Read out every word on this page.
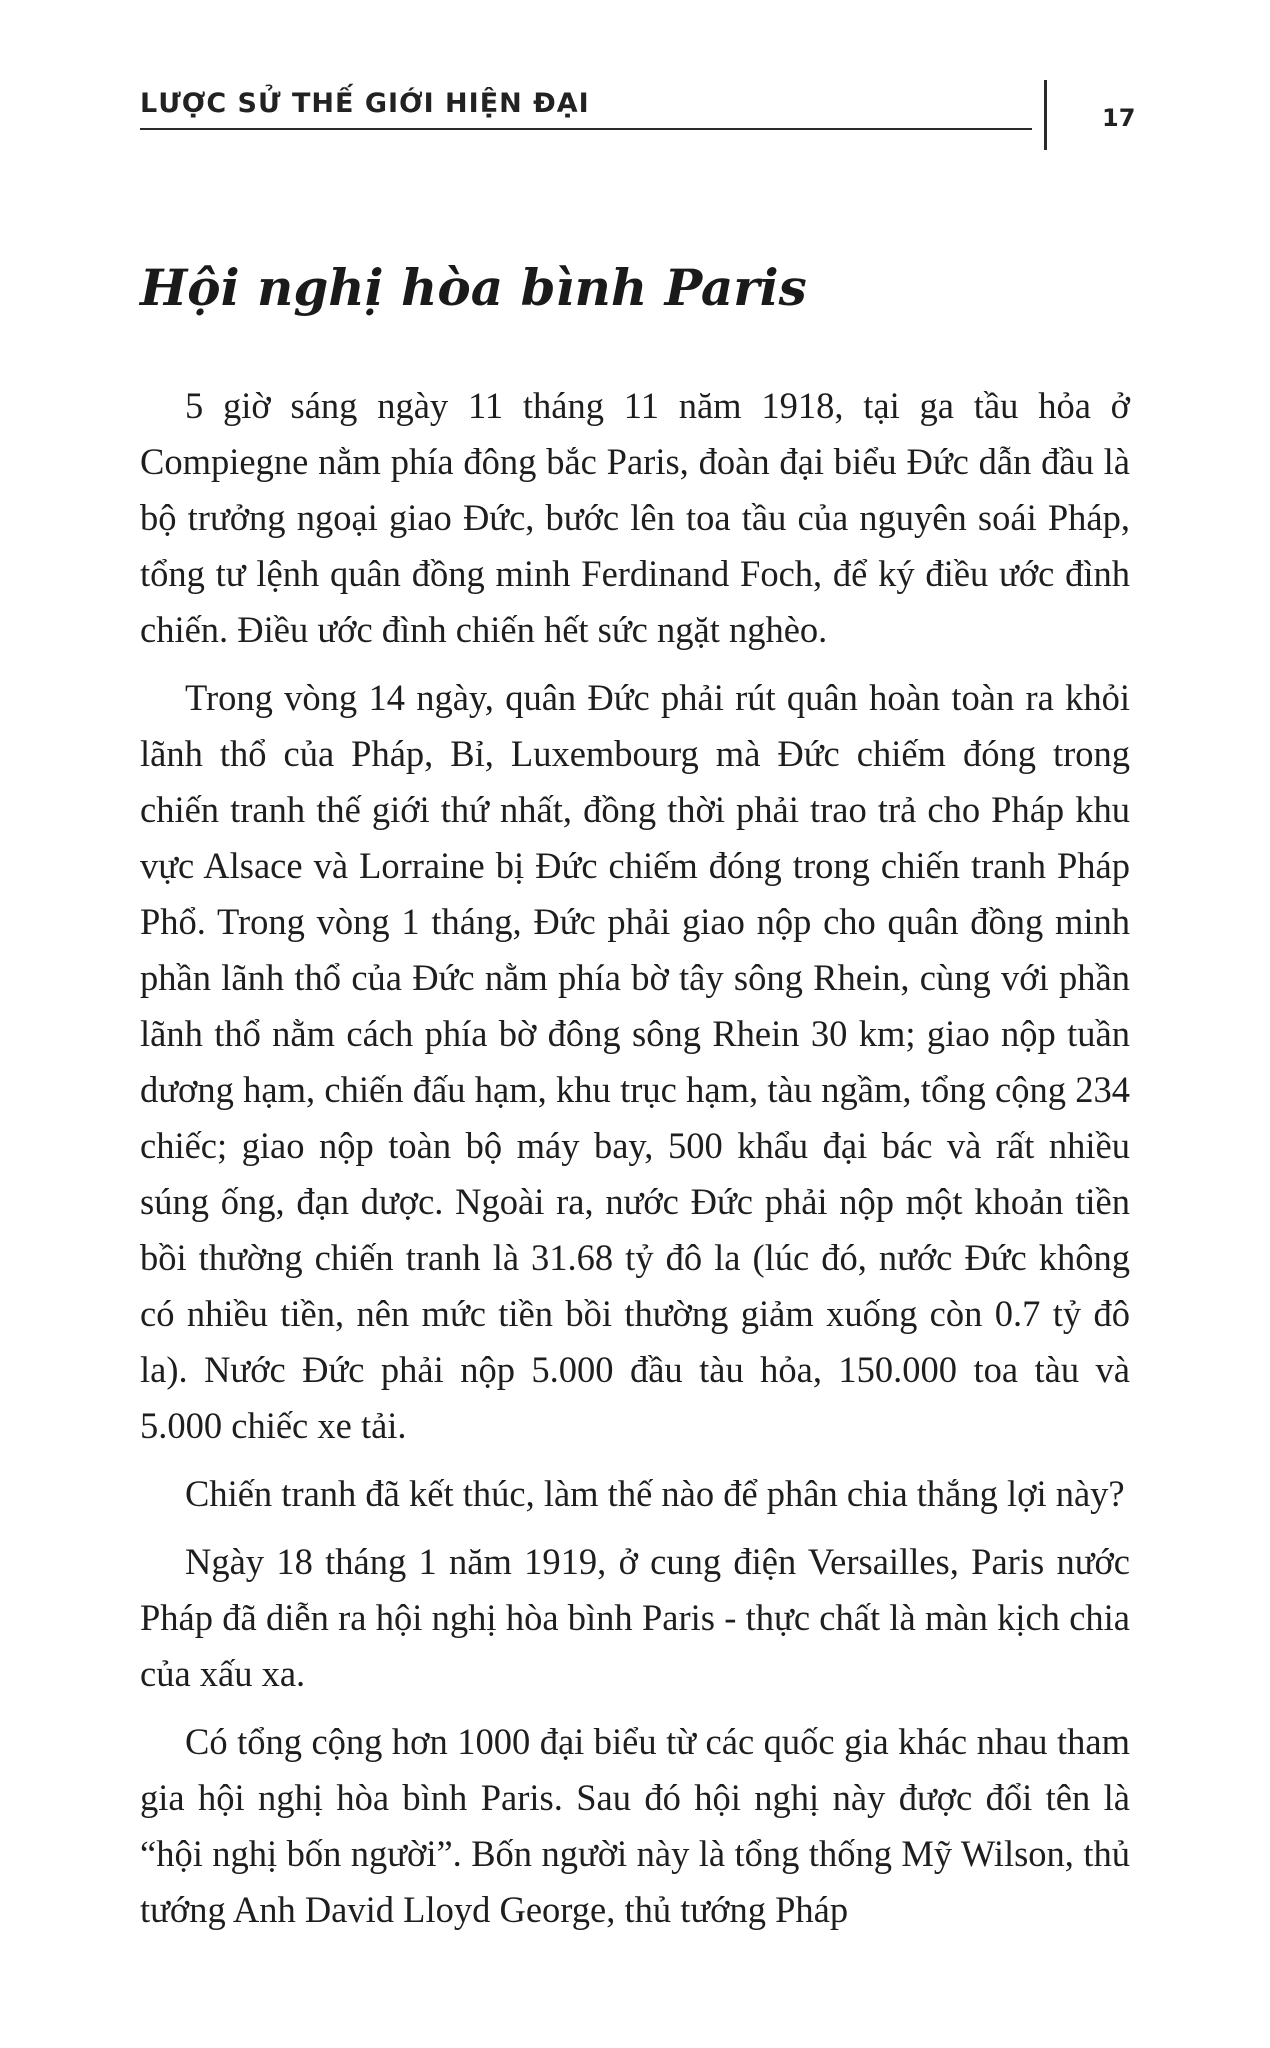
LƯỢC SỬ THẾ GIỚI HIỆN ĐẠI	17
Hội nghị hòa bình Paris

5 giờ sáng ngày 11 tháng 11 năm 1918, tại ga tầu hỏa ở Compiegne nằm phía đông bắc Paris, đoàn đại biểu Đức dẫn đầu là bộ trưởng ngoại giao Đức, bước lên toa tầu của nguyên soái Pháp, tổng tư lệnh quân đồng minh Ferdinand Foch, để ký điều ước đình chiến. Điều ước đình chiến hết sức ngặt nghèo.

Trong vòng 14 ngày, quân Đức phải rút quân hoàn toàn ra khỏi lãnh thổ của Pháp, Bỉ, Luxembourg mà Đức chiếm đóng trong chiến tranh thế giới thứ nhất, đồng thời phải trao trả cho Pháp khu vực Alsace và Lorraine bị Đức chiếm đóng trong chiến tranh Pháp Phổ. Trong vòng 1 tháng, Đức phải giao nộp cho quân đồng minh phần lãnh thổ của Đức nằm phía bờ tây sông Rhein, cùng với phần lãnh thổ nằm cách phía bờ đông sông Rhein 30 km; giao nộp tuần dương hạm, chiến đấu hạm, khu trục hạm, tàu ngầm, tổng cộng 234 chiếc; giao nộp toàn bộ máy bay, 500 khẩu đại bác và rất nhiều súng ống, đạn dược. Ngoài ra, nước Đức phải nộp một khoản tiền bồi thường chiến tranh là 31.68 tỷ đô la (lúc đó, nước Đức không có nhiều tiền, nên mức tiền bồi thường giảm xuống còn 0.7 tỷ đô la). Nước Đức phải nộp 5.000 đầu tàu hỏa, 150.000 toa tàu và 5.000 chiếc xe tải.

Chiến tranh đã kết thúc, làm thế nào để phân chia thắng lợi này?

Ngày 18 tháng 1 năm 1919, ở cung điện Versailles, Paris nước Pháp đã diễn ra hội nghị hòa bình Paris - thực chất là màn kịch chia của xấu xa.

Có tổng cộng hơn 1000 đại biểu từ các quốc gia khác nhau tham gia hội nghị hòa bình Paris. Sau đó hội nghị này được đổi tên là “hội nghị bốn người”. Bốn người này là tổng thống Mỹ Wilson, thủ tướng Anh David Lloyd George, thủ tướng Pháp
